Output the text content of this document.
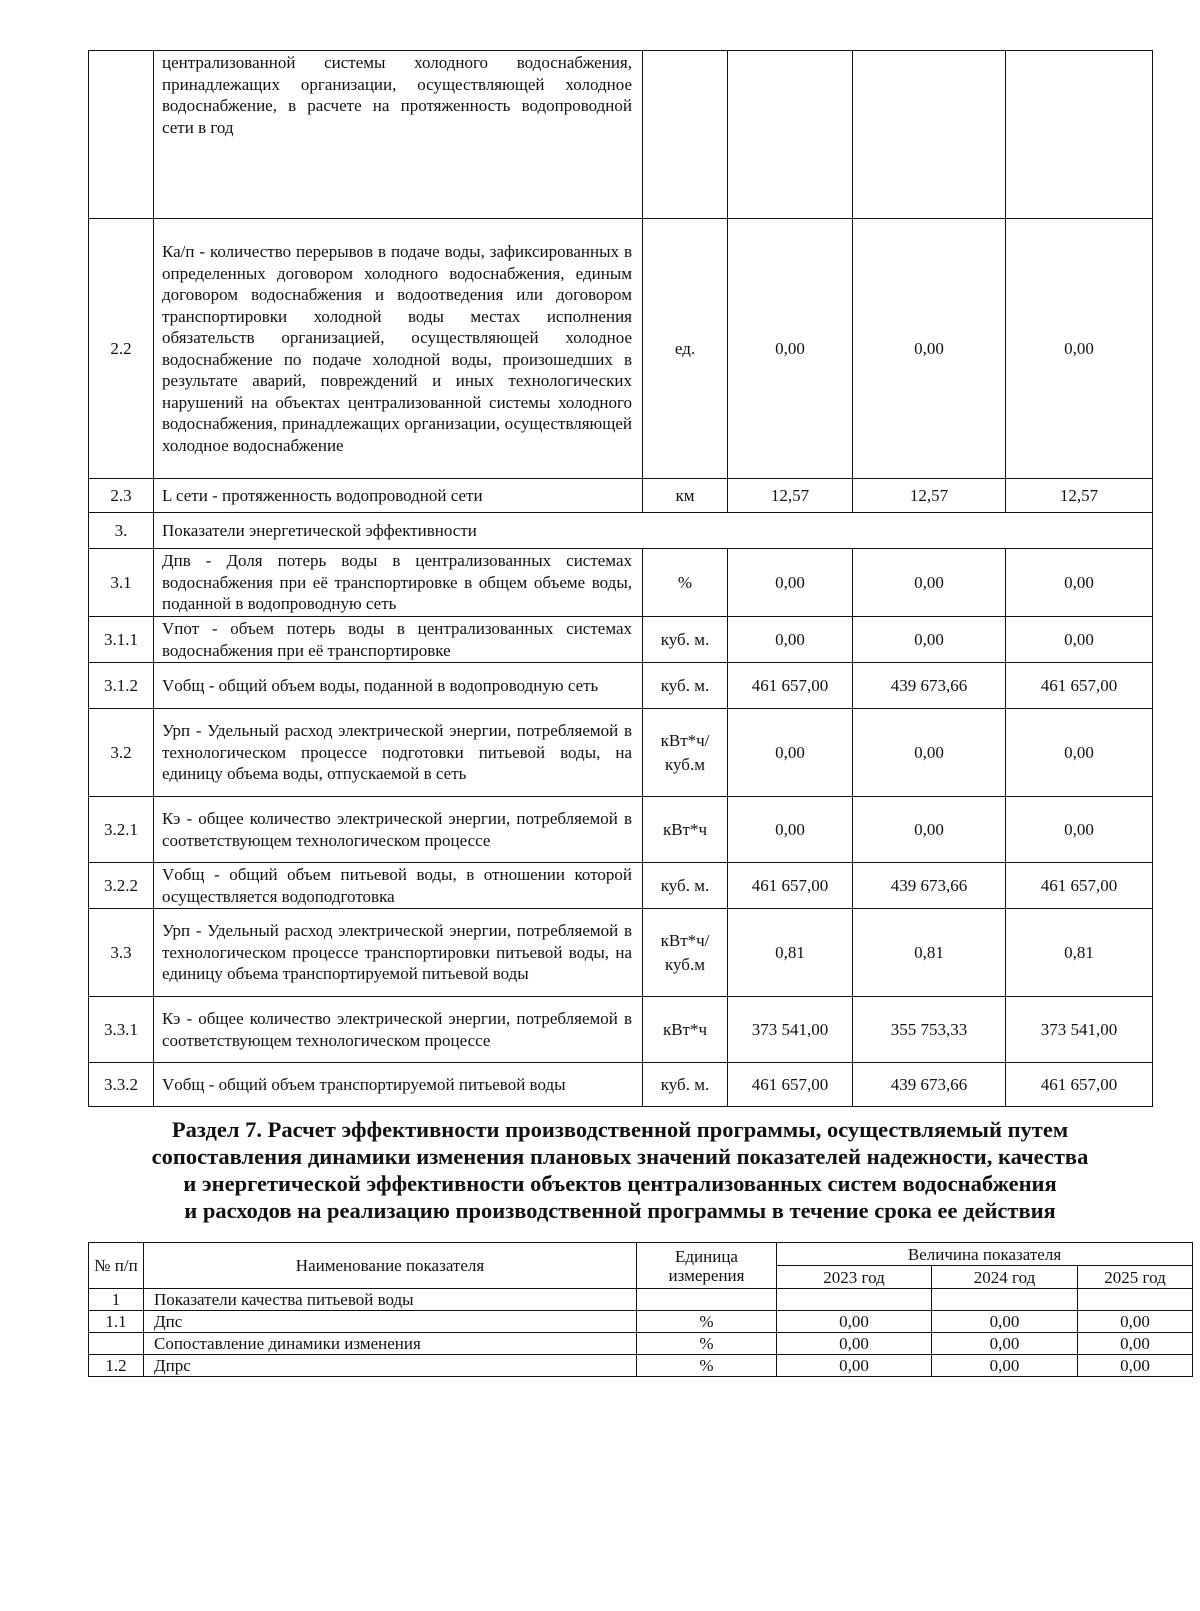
	централизованной системы холодного водоснабжения, принадлежащих организации, осуществляющей холодное водоснабжение, в расчете на протяженность водопроводной сети в год				
2.2	Ка/п - количество перерывов в подаче воды, зафиксированных в определенных договором холодного водоснабжения, единым договором водоснабжения и водоотведения или договором транспортировки холодной воды местах исполнения обязательств организацией, осуществляющей холодное водоснабжение по подаче холодной воды, произошедших в результате аварий, повреждений и иных технологических нарушений на объектах централизованной системы холодного водоснабжения, принадлежащих организации, осуществляющей холодное водоснабжение	ед.	0,00	0,00	0,00
2.3	L сети - протяженность водопроводной сети	км	12,57	12,57	12,57
3.	Показатели энергетической эффективности				
3.1	Дпв - Доля потерь воды в централизованных системах водоснабжения при её транспортировке в общем объеме воды, поданной в водопроводную сеть	%	0,00	0,00	0,00
3.1.1	Vпот - объем потерь воды в централизованных системах водоснабжения при её транспортировке	куб. м.	0,00	0,00	0,00
3.1.2	Vобщ - общий объем воды, поданной в водопроводную сеть	куб. м.	461 657,00	439 673,66	461 657,00
3.2	Урп - Удельный расход электрической энергии, потребляемой в технологическом процессе подготовки питьевой воды, на единицу объема воды, отпускаемой в сеть	кВт*ч/ куб.м	0,00	0,00	0,00
3.2.1	Кэ - общее количество электрической энергии, потребляемой в соответствующем технологическом процессе	кВт*ч	0,00	0,00	0,00
3.2.2	Vобщ - общий объем питьевой воды, в отношении которой осуществляется водоподготовка	куб. м.	461 657,00	439 673,66	461 657,00
3.3	Урп - Удельный расход электрической энергии, потребляемой в технологическом процессе транспортировки питьевой воды, на единицу объема транспортируемой питьевой воды	кВт*ч/ куб.м	0,81	0,81	0,81
3.3.1	Кэ - общее количество электрической энергии, потребляемой в соответствующем технологическом процессе	кВт*ч	373 541,00	355 753,33	373 541,00
3.3.2	Vобщ - общий объем транспортируемой питьевой воды	куб. м.	461 657,00	439 673,66	461 657,00
Раздел 7. Расчет эффективности производственной программы, осуществляемый путем
сопоставления динамики изменения плановых значений показателей надежности, качества
и энергетической эффективности объектов централизованных систем водоснабжения
и расходов на реализацию производственной программы в течение срока ее действия
№ п/п	Наименование показателя	Единица измерения	Величина показателя		
			2023 год	2024 год	2025 год
1	Показатели качества питьевой воды				
1.1	Дпс	%	0,00	0,00	0,00
	Сопоставление динамики изменения	%	0,00	0,00	0,00
1.2	Дпрс	%	0,00	0,00	0,00
